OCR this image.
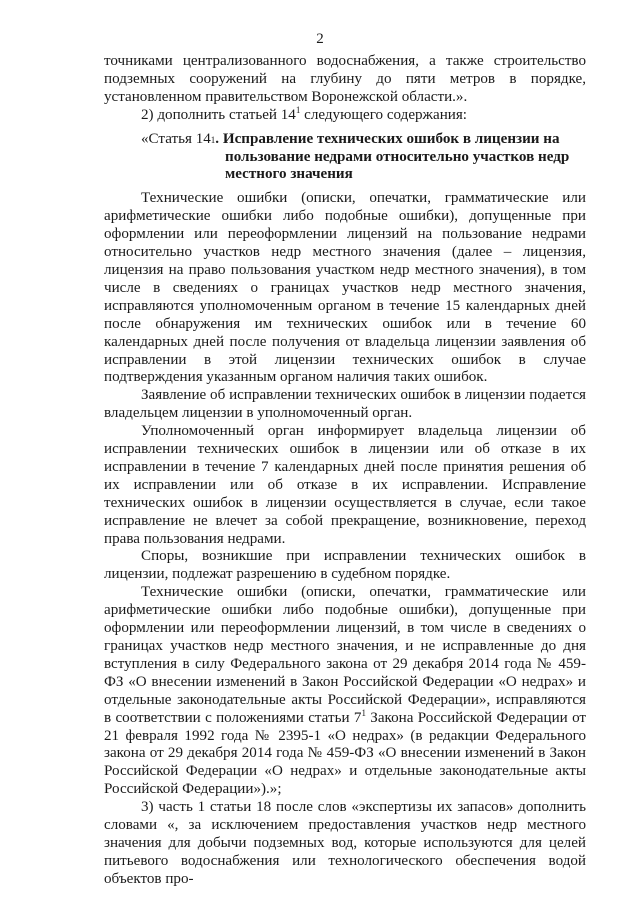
2

точниками централизованного водоснабжения, а также строительство подземных сооружений на глубину до пяти метров в порядке, установленном правительством Воронежской области.».

2) дополнить статьей $14^1$ следующего содержания:

«Статья 14 1 .
Исправление технических ошибок в лицензии на
пользование недрами относительно участков недр
местного значения

Технические ошибки (описки, опечатки, грамматические или арифметические ошибки либо подобные ошибки), допущенные при оформлении или переоформлении лицензий на пользование недрами относительно участков недр местного значения (далее – лицензия, лицензия на право пользования участком недр местного значения), в том числе в сведениях о границах участков недр местного значения, исправляются уполномоченным органом в течение 15 календарных дней после обнаружения им технических ошибок или в течение 60 календарных дней после получения от владельца лицензии заявления об исправлении в этой лицензии технических ошибок в случае подтверждения указанным органом наличия таких ошибок.

Заявление об исправлении технических ошибок в лицензии подается владельцем лицензии в уполномоченный орган.

Уполномоченный орган информирует владельца лицензии об исправлении технических ошибок в лицензии или об отказе в их исправлении в течение 7 календарных дней после принятия решения об их исправлении или об отказе в их исправлении. Исправление технических ошибок в лицензии осуществляется в случае, если такое исправление не влечет за собой прекращение, возникновение, переход права пользования недрами.

Споры, возникшие при исправлении технических ошибок в лицензии, подлежат разрешению в судебном порядке.

Технические ошибки (описки, опечатки, грамматические или арифметические ошибки либо подобные ошибки), допущенные при оформлении или переоформлении лицензий, в том числе в сведениях о границах участков недр местного значения, и не исправленные до дня вступления в силу Федерального закона от 29 декабря 2014 года № 459-ФЗ «О внесении изменений в Закон Российской Федерации «О недрах» и отдельные законодательные акты Российской Федерации», исправляются в соответствии с положениями статьи $7^1$ Закона Российской Федерации от 21 февраля 1992 года № 2395-1 «О недрах» (в редакции Федерального закона от 29 декабря 2014 года № 459-ФЗ «О внесении изменений в Закон Российской Федерации «О недрах» и отдельные законодательные акты Российской Федерации»).»;

3) часть 1 статьи 18 после слов «экспертизы их запасов» дополнить словами «, за исключением предоставления участков недр местного значения для добычи подземных вод, которые используются для целей питьевого водоснабжения или технологического обеспечения водой объектов про-
